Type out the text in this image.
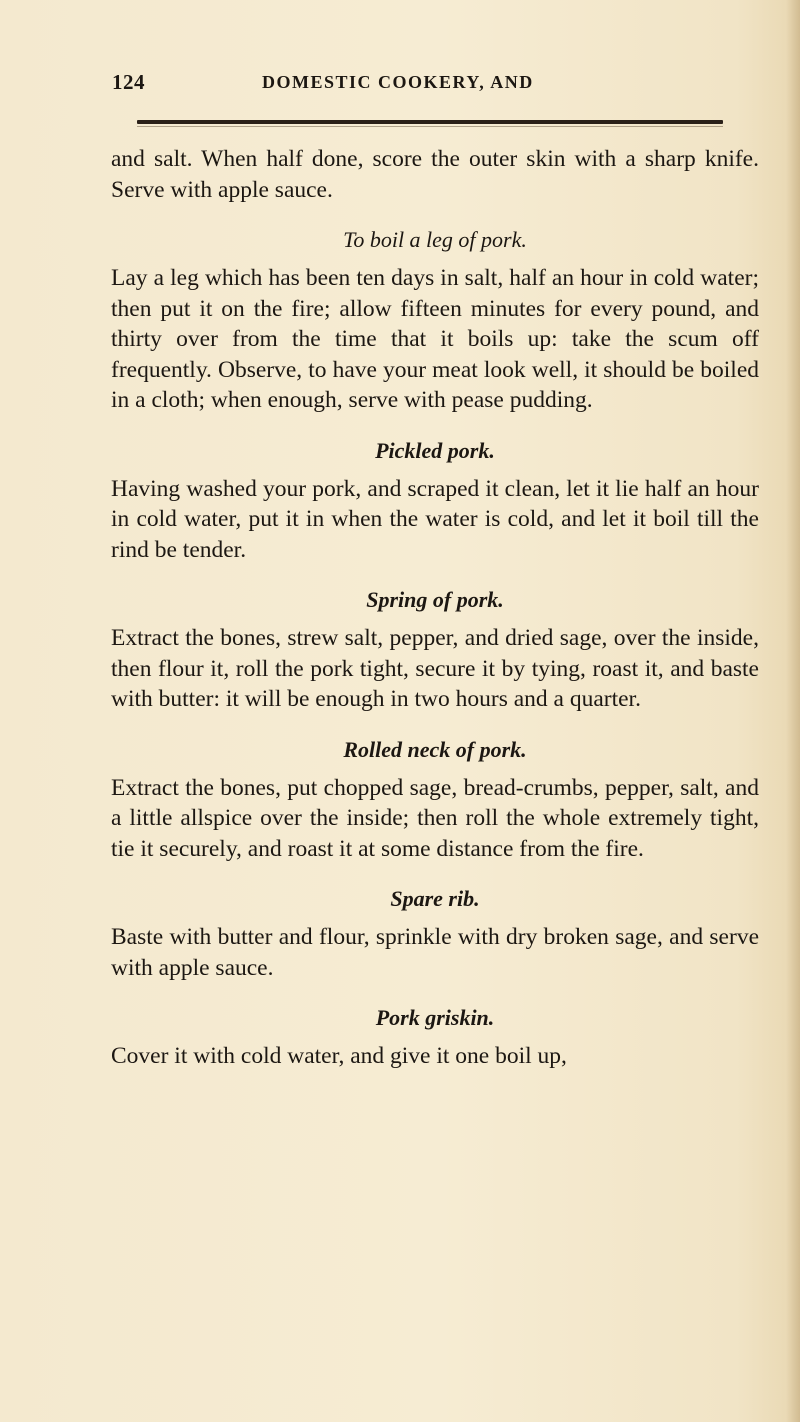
124	DOMESTIC COOKERY, AND

and salt. When half done, score the outer skin with a sharp knife. Serve with apple sauce.

To boil a leg of pork.

Lay a leg which has been ten days in salt, half an hour in cold water; then put it on the fire; allow fifteen minutes for every pound, and thirty over from the time that it boils up: take the scum off frequently. Observe, to have your meat look well, it should be boiled in a cloth; when enough, serve with pease pudding.

Pickled pork.

Having washed your pork, and scraped it clean, let it lie half an hour in cold water, put it in when the water is cold, and let it boil till the rind be tender.

Spring of pork.

Extract the bones, strew salt, pepper, and dried sage, over the inside, then flour it, roll the pork tight, secure it by tying, roast it, and baste with butter: it will be enough in two hours and a quarter.

Rolled neck of pork.

Extract the bones, put chopped sage, bread-crumbs, pepper, salt, and a little allspice over the inside; then roll the whole extremely tight, tie it securely, and roast it at some distance from the fire.

Spare rib.

Baste with butter and flour, sprinkle with dry broken sage, and serve with apple sauce.

Pork griskin.

Cover it with cold water, and give it one boil up,
